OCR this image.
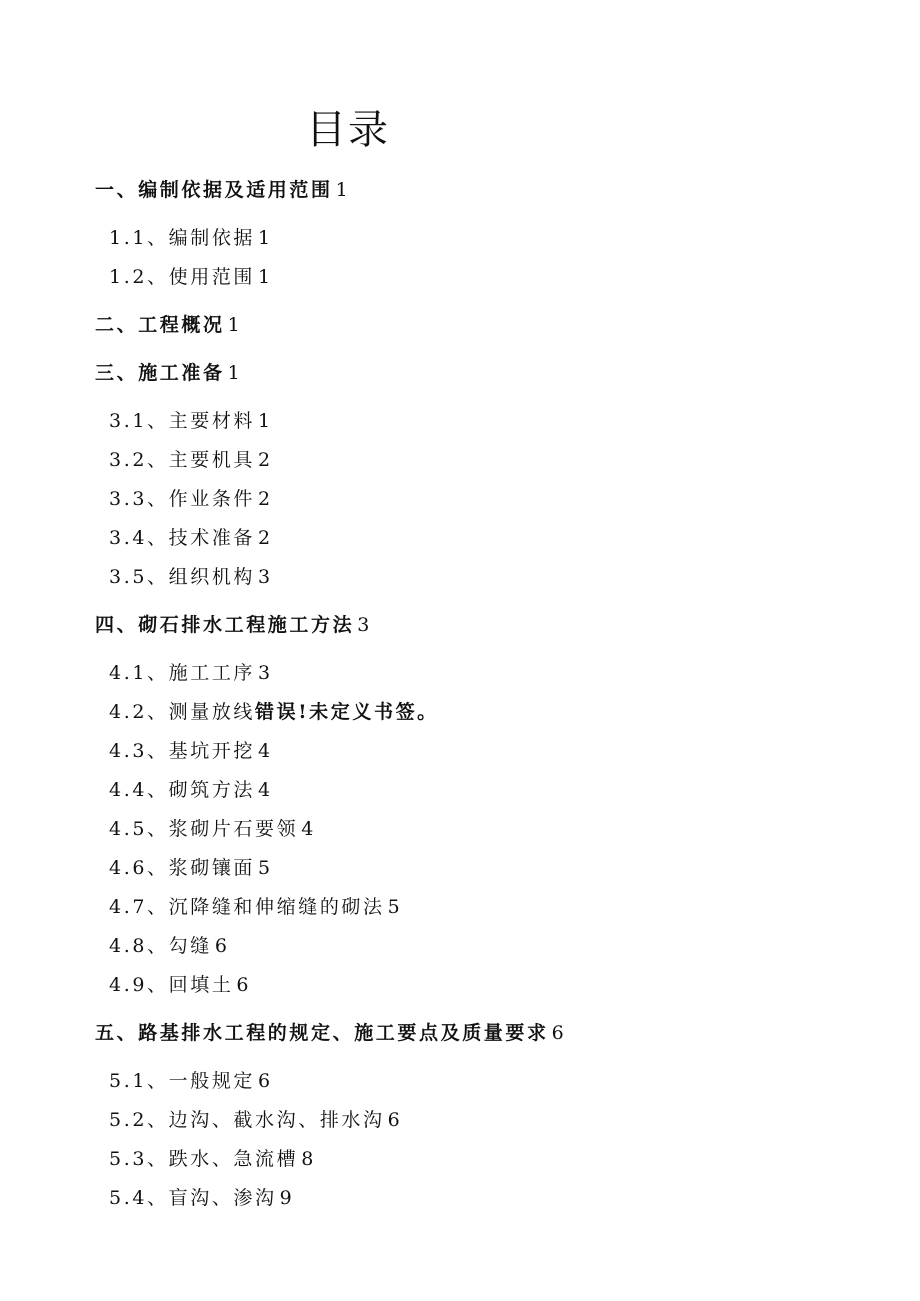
目录
一、编制依据及适用范围 1
1.1、编制依据 1
1.2、使用范围 1
二、工程概况 1
三、施工准备 1
3.1、主要材料 1
3.2、主要机具 2
3.3、作业条件 2
3.4、技术准备 2
3.5、组织机构 3
四、砌石排水工程施工方法 3
4.1、施工工序 3
4.2、测量放线错误!未定义书签。
4.3、基坑开挖 4
4.4、砌筑方法 4
4.5、浆砌片石要领 4
4.6、浆砌镶面 5
4.7、沉降缝和伸缩缝的砌法 5
4.8、勾缝 6
4.9、回填土 6
五、路基排水工程的规定、施工要点及质量要求 6
5.1、一般规定 6
5.2、边沟、截水沟、排水沟 6
5.3、跌水、急流槽 8
5.4、盲沟、渗沟 9
